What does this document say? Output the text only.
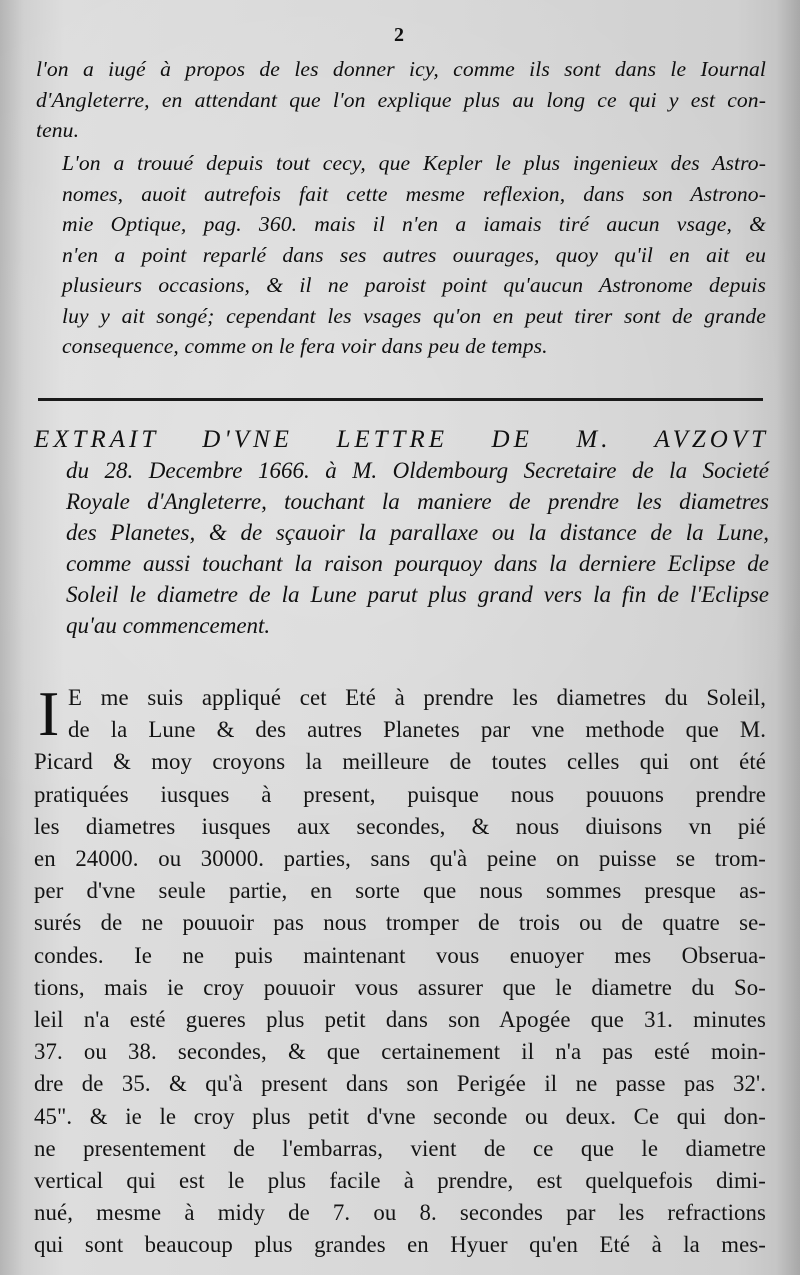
2
l'on a iugé à propos de les donner icy, comme ils sont dans le Iournal
d'Angleterre, en attendant que l'on explique plus au long ce qui y est con-
tenu.
L'on a trouué depuis tout cecy, que Kepler le plus ingenieux des Astro-
nomes, auoit autrefois fait cette mesme reflexion, dans son Astrono-
mie Optique, pag. 360. mais il n'en a iamais tiré aucun vsage, &
n'en a point reparlé dans ses autres ouurages, quoy qu'il en ait eu
plusieurs occasions, & il ne paroist point qu'aucun Astronome depuis
luy y ait songé; cependant les vsages qu'on en peut tirer sont de grande
consequence, comme on le fera voir dans peu de temps.
EXTRAIT D'VNE LETTRE DE M. AVZOVT
du 28. Decembre 1666. à M. Oldembourg Secretaire de la Societé
Royale d'Angleterre, touchant la maniere de prendre les diametres
des Planetes, & de sçauoir la parallaxe ou la distance de la Lune,
comme aussi touchant la raison pourquoy dans la derniere Eclipse de
Soleil le diametre de la Lune parut plus grand vers la fin de l'Eclipse
qu'au commencement.
I E me suis appliqué cet Eté à prendre les diametres du Soleil,
de la Lune & des autres Planetes par vne methode que M.
Picard & moy croyons la meilleure de toutes celles qui ont été
pratiquées iusques à present, puisque nous pouuons prendre
les diametres iusques aux secondes, & nous diuisons vn pié
en 24000. ou 30000. parties, sans qu'à peine on puisse se trom-
per d'vne seule partie, en sorte que nous sommes presque as-
surés de ne pouuoir pas nous tromper de trois ou de quatre se-
condes. Ie ne puis maintenant vous enuoyer mes Obserua-
tions, mais ie croy pouuoir vous assurer que le diametre du So-
leil n'a esté gueres plus petit dans son Apogée que 31. minutes
37. ou 38. secondes, & que certainement il n'a pas esté moin-
dre de 35. & qu'à present dans son Perigée il ne passe pas 32'.
45". & ie le croy plus petit d'vne seconde ou deux. Ce qui don-
ne presentement de l'embarras, vient de ce que le diametre
vertical qui est le plus facile à prendre, est quelquefois dimi-
nué, mesme à midy de 7. ou 8. secondes par les refractions
qui sont beaucoup plus grandes en Hyuer qu'en Eté à la mes-
